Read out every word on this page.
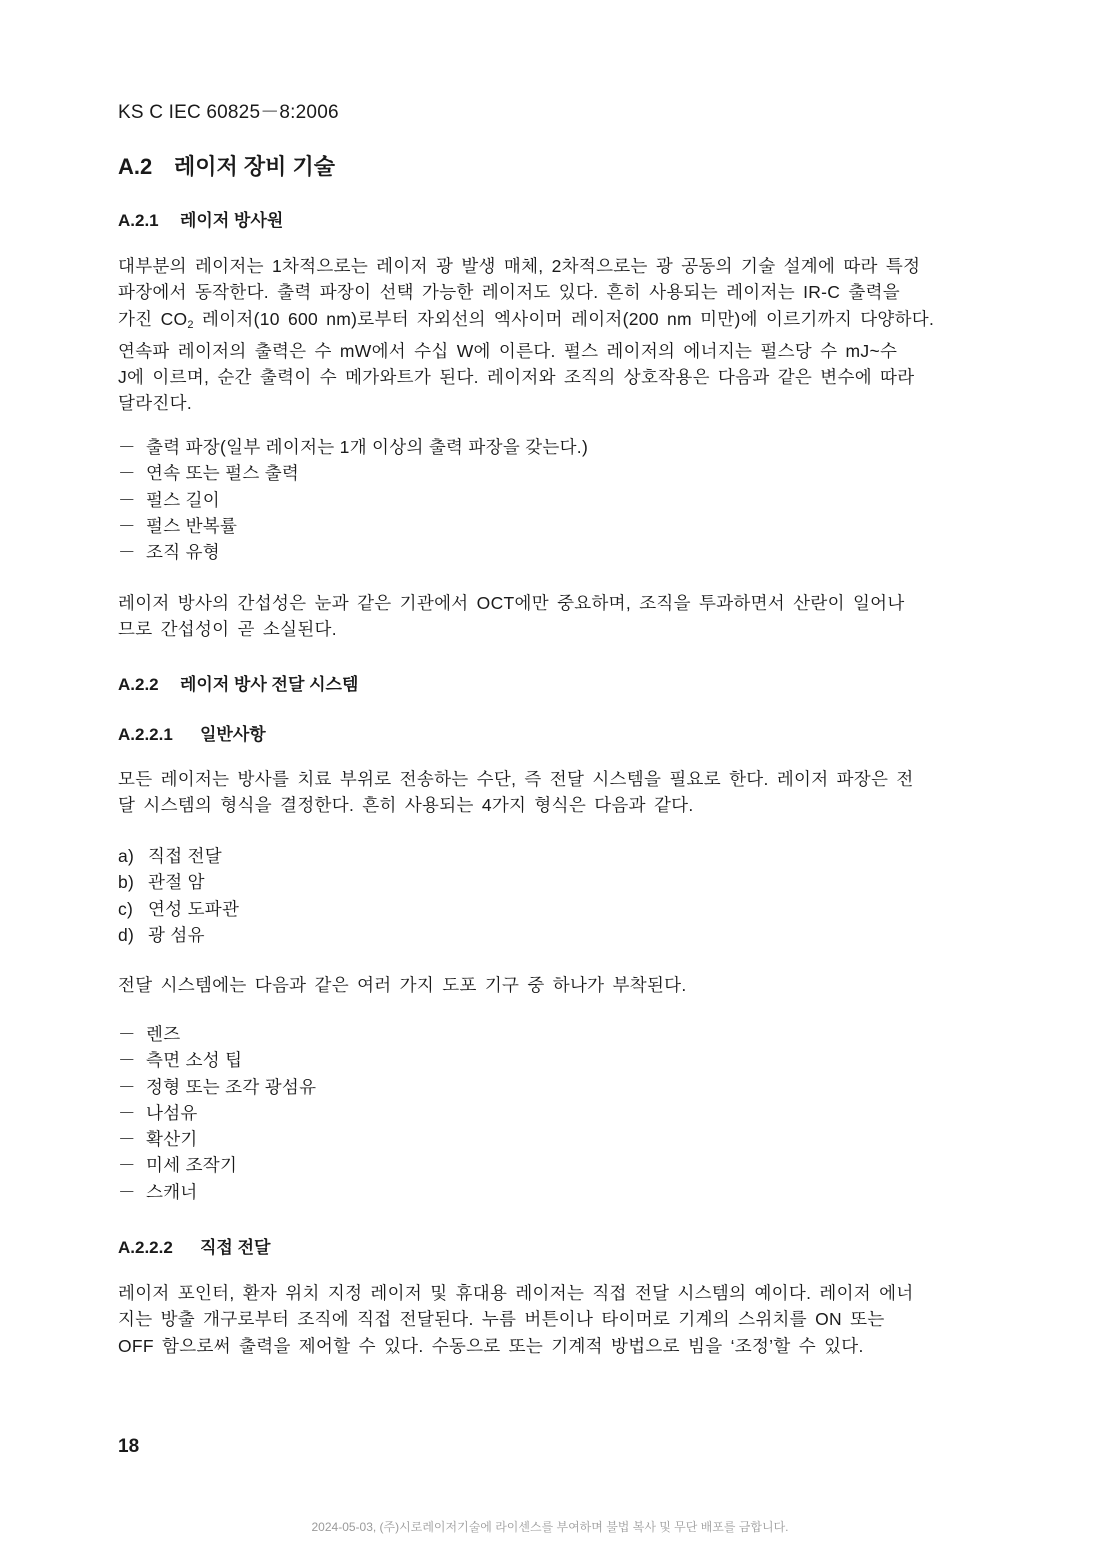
KS C IEC 60825－8:2006
A.2 레이저 장비 기술
A.2.1 레이저 방사원
대부분의 레이저는 1차적으로는 레이저 광 발생 매체, 2차적으로는 광 공동의 기술 설계에 따라 특정
파장에서 동작한다. 출력 파장이 선택 가능한 레이저도 있다. 흔히 사용되는 레이저는 IR-C 출력을
가진 $CO_2$ 레이저(10 600 nm)로부터 자외선의 엑사이머 레이저(200 nm 미만)에 이르기까지 다양하다.
연속파 레이저의 출력은 수 mW에서 수십 W에 이른다. 펄스 레이저의 에너지는 펄스당 수 mJ~수
J에 이르며, 순간 출력이 수 메가와트가 된다. 레이저와 조직의 상호작용은 다음과 같은 변수에 따라
달라진다.
－ 출력 파장(일부 레이저는 1개 이상의 출력 파장을 갖는다.)
－ 연속 또는 펄스 출력
－ 펄스 길이
－ 펄스 반복률
－ 조직 유형
레이저 방사의 간섭성은 눈과 같은 기관에서 OCT에만 중요하며, 조직을 투과하면서 산란이 일어나
므로 간섭성이 곧 소실된다.
A.2.2 레이저 방사 전달 시스템
A.2.2.1 일반사항
모든 레이저는 방사를 치료 부위로 전송하는 수단, 즉 전달 시스템을 필요로 한다. 레이저 파장은 전
달 시스템의 형식을 결정한다. 흔히 사용되는 4가지 형식은 다음과 같다.
a) 직접 전달
b) 관절 암
c) 연성 도파관
d) 광 섬유
전달 시스템에는 다음과 같은 여러 가지 도포 기구 중 하나가 부착된다.
－ 렌즈
－ 측면 소성 팁
－ 정형 또는 조각 광섬유
－ 나섬유
－ 확산기
－ 미세 조작기
－ 스캐너
A.2.2.2 직접 전달
레이저 포인터, 환자 위치 지정 레이저 및 휴대용 레이저는 직접 전달 시스템의 예이다. 레이저 에너
지는 방출 개구로부터 조직에 직접 전달된다. 누름 버튼이나 타이머로 기계의 스위치를 ON 또는
OFF 함으로써 출력을 제어할 수 있다. 수동으로 또는 기계적 방법으로 빔을 ‘조정’할 수 있다.
18
2024-05-03, (주)시로레이저기술에 라이센스를 부여하며 불법 복사 및 무단 배포를 금합니다.
